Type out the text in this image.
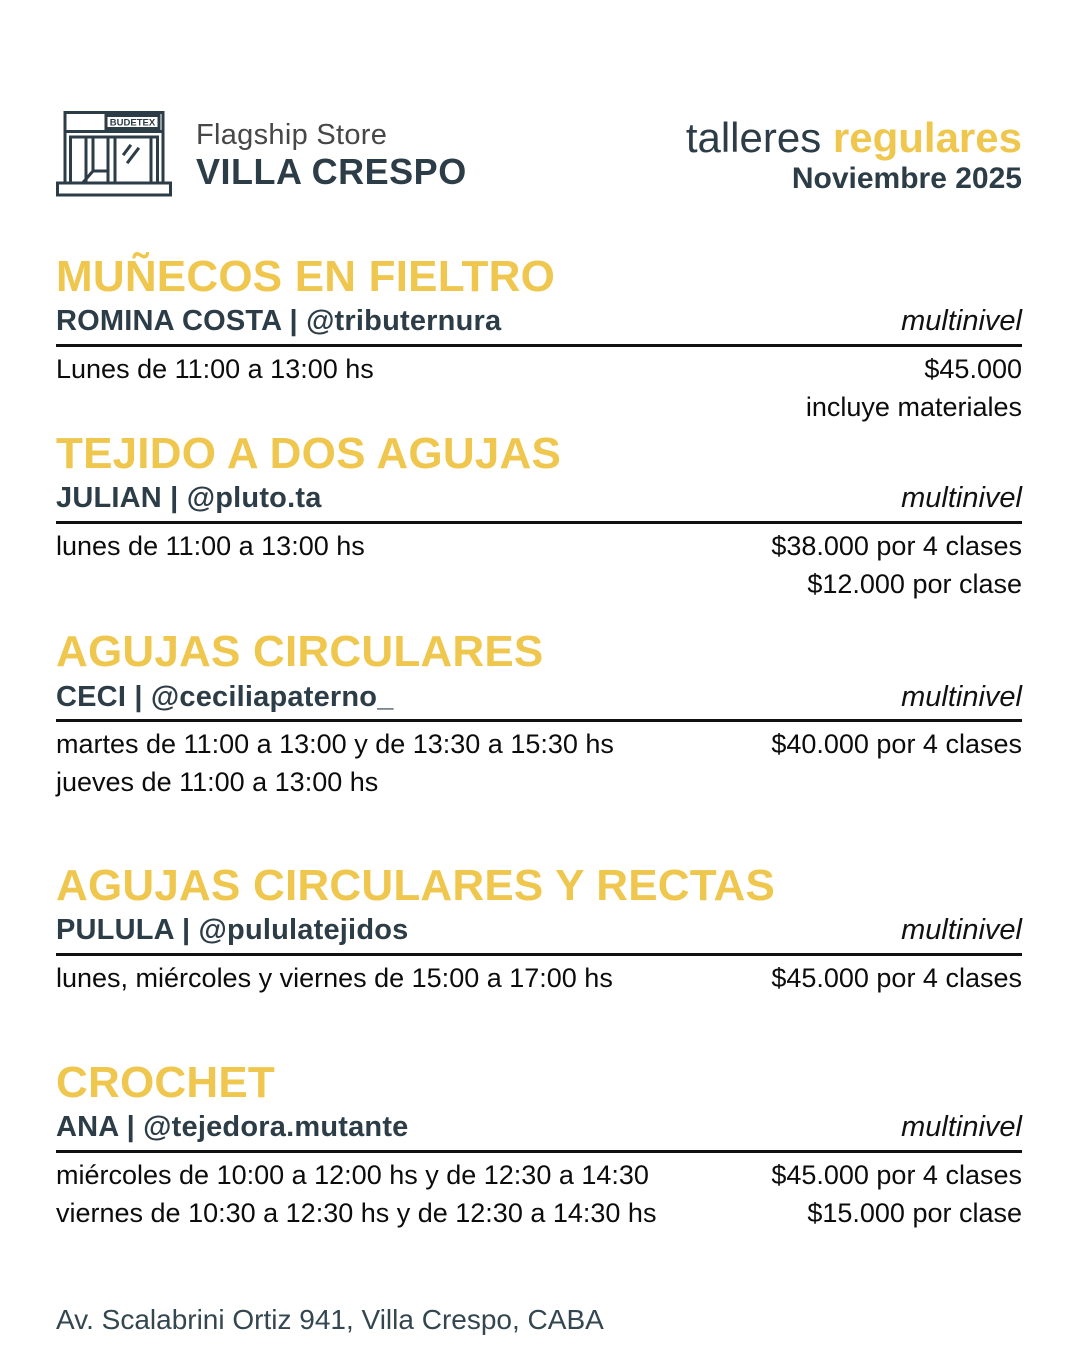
BUDETEX Flagship Store
VILLA CRESPO
talleres regulares
Noviembre 2025
MUÑECOS EN FIELTRO
ROMINA COSTA | @tributernura	multinivel
Lunes de 11:00 a 13:00 hs	$45.000
incluye materiales
TEJIDO A DOS AGUJAS
JULIAN | @pluto.ta	multinivel
lunes de 11:00 a 13:00 hs	$38.000 por 4 clases
$12.000 por clase
AGUJAS CIRCULARES
CECI | @ceciliapaterno_	multinivel
martes de 11:00 a 13:00 y de 13:30 a 15:30 hs	$40.000 por 4 clases
jueves de 11:00 a 13:00 hs
AGUJAS CIRCULARES Y RECTAS
PULULA | @pululatejidos	multinivel
lunes, miércoles y viernes de 15:00 a 17:00 hs	$45.000 por 4 clases
CROCHET
ANA | @tejedora.mutante	multinivel
miércoles de 10:00 a 12:00 hs y de 12:30 a 14:30	$45.000 por 4 clases
viernes de 10:30 a 12:30 hs y de 12:30 a 14:30 hs	$15.000 por clase
Av. Scalabrini Ortiz 941, Villa Crespo, CABA
